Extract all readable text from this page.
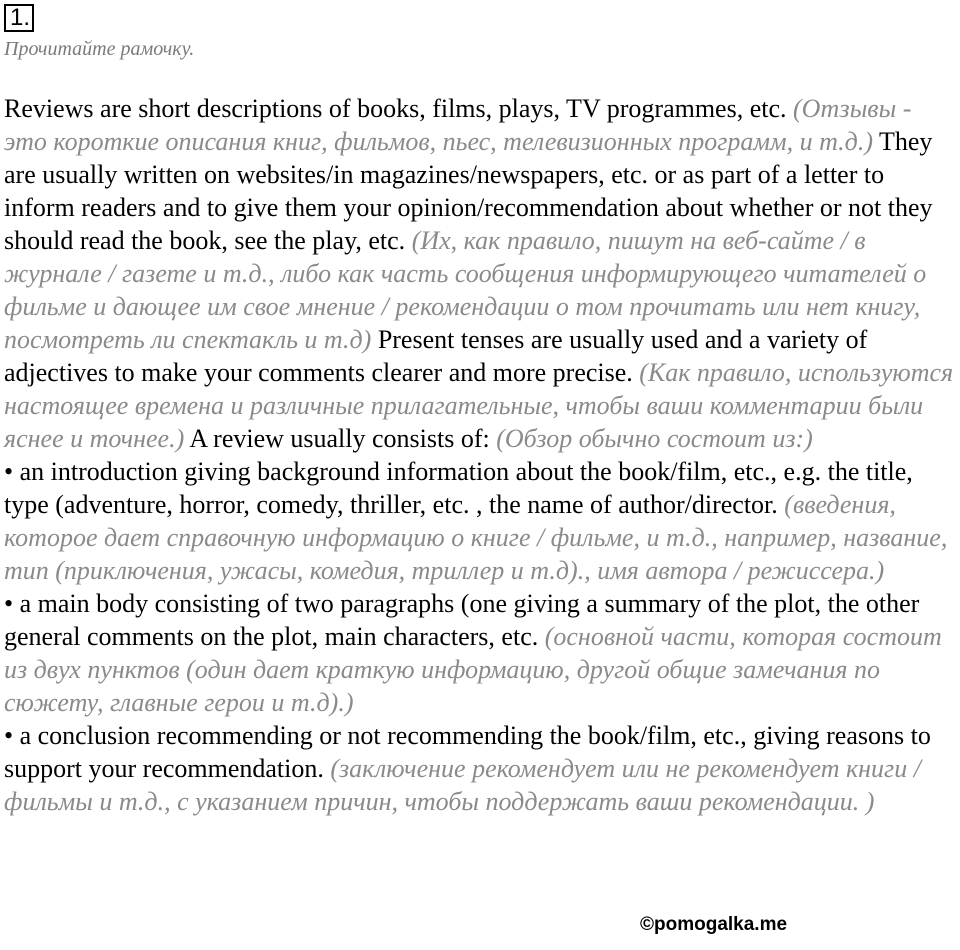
1.
Прочитайте рамочку.
Reviews are short descriptions of books, films, plays, TV programmes, etc. (Отзывы - это короткие описания книг, фильмов, пьес, телевизионных программ, и т.д.) They are usually written on websites/in magazines/newspapers, etc. or as part of a letter to inform readers and to give them your opinion/recommendation about whether or not they should read the book, see the play, etc. (Их, как правило, пишут на веб-сайте / в журнале / газете и т.д., либо как часть сообщения информирующего читателей о фильме и дающее им свое мнение / рекомендации о том прочитать или нет книгу, посмотреть ли спектакль и т.д) Present tenses are usually used and a variety of adjectives to make your comments clearer and more precise. (Как правило, используются настоящее времена и различные прилагательные, чтобы ваши комментарии были яснее и точнее.) A review usually consists of: (Обзор обычно состоит из:)
• an introduction giving background information about the book/film, etc., e.g. the title, type (adventure, horror, comedy, thriller, etc. , the name of author/director. (введения, которое дает справочную информацию о книге / фильме, и т.д., например, название, тип (приключения, ужасы, комедия, триллер и т.д)., имя автора / режиссера.)
• a main body consisting of two paragraphs (one giving a summary of the plot, the other general comments on the plot, main characters, etc. (основной части, которая состоит из двух пунктов (один дает краткую информацию, другой общие замечания по сюжету, главные герои и т.д).)
• a conclusion recommending or not recommending the book/film, etc., giving reasons to support your recommendation. (заключение рекомендует или не рекомендует книги / фильмы и т.д., с указанием причин, чтобы поддержать ваши рекомендации. )
©pomogalka.me
